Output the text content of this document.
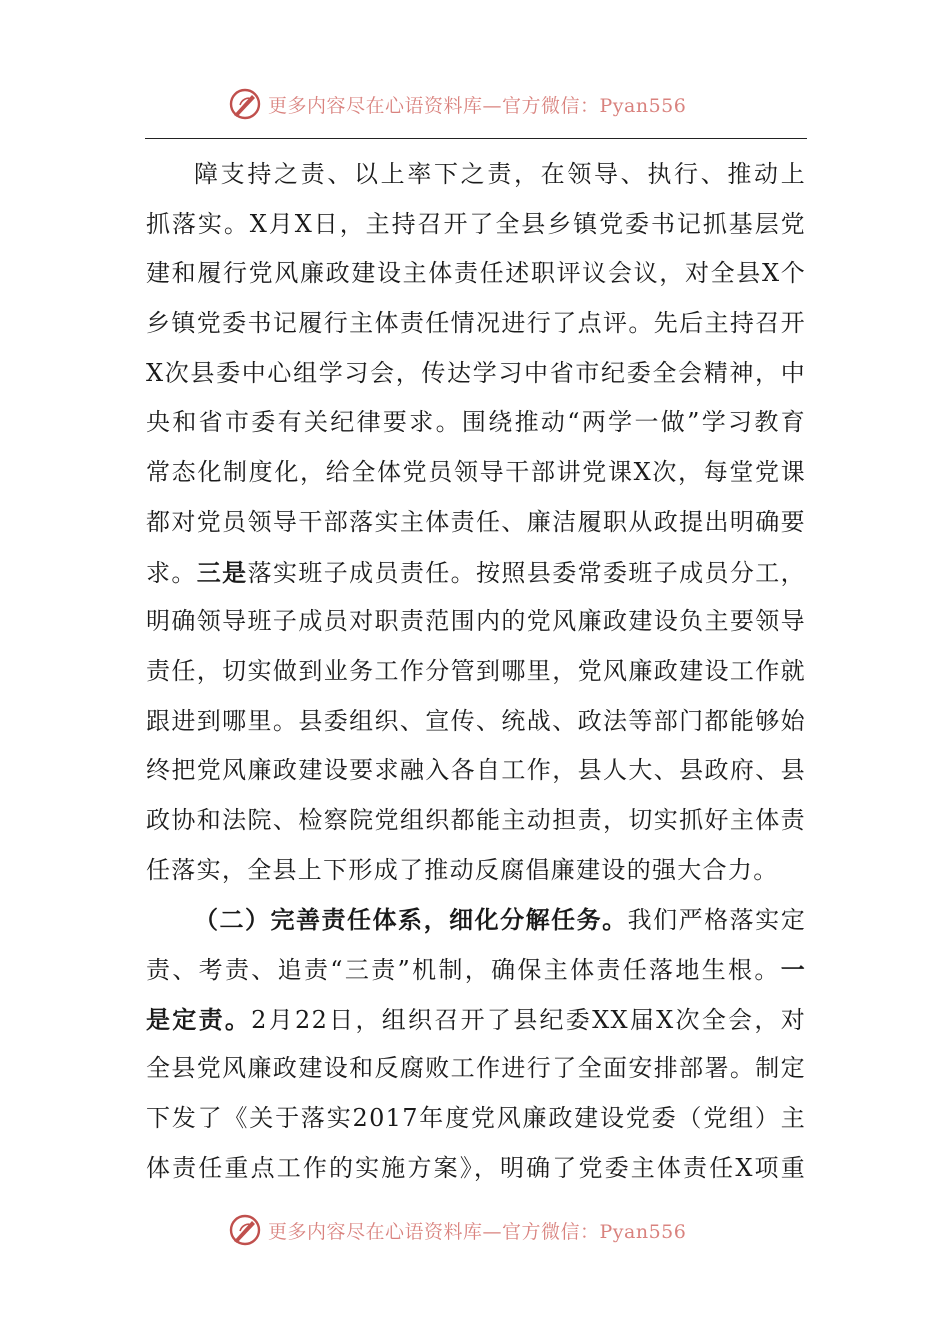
更多内容尽在心语资料库—官方微信：Pyan556
障支持之责、以上率下之责，在领导、执行、推动上
抓落实。X月X日，主持召开了全县乡镇党委书记抓基层党
建和履行党风廉政建设主体责任述职评议会议，对全县X个
乡镇党委书记履行主体责任情况进行了点评。先后主持召开
X次县委中心组学习会，传达学习中省市纪委全会精神，中
央和省市委有关纪律要求。围绕推动“两学一做”学习教育
常态化制度化，给全体党员领导干部讲党课X次，每堂党课
都对党员领导干部落实主体责任、廉洁履职从政提出明确要
求。三是落实班子成员责任。按照县委常委班子成员分工，
明确领导班子成员对职责范围内的党风廉政建设负主要领导
责任，切实做到业务工作分管到哪里，党风廉政建设工作就
跟进到哪里。县委组织、宣传、统战、政法等部门都能够始
终把党风廉政建设要求融入各自工作，县人大、县政府、县
政协和法院、检察院党组织都能主动担责，切实抓好主体责
任落实，全县上下形成了推动反腐倡廉建设的强大合力。
（二）完善责任体系，细化分解任务。我们严格落实定
责、考责、追责“三责”机制，确保主体责任落地生根。一
是定责。2月22日，组织召开了县纪委XX届X次全会，对
全县党风廉政建设和反腐败工作进行了全面安排部署。制定
下发了《关于落实2017年度党风廉政建设党委（党组）主
体责任重点工作的实施方案》，明确了党委主体责任X项重
更多内容尽在心语资料库—官方微信：Pyan556
